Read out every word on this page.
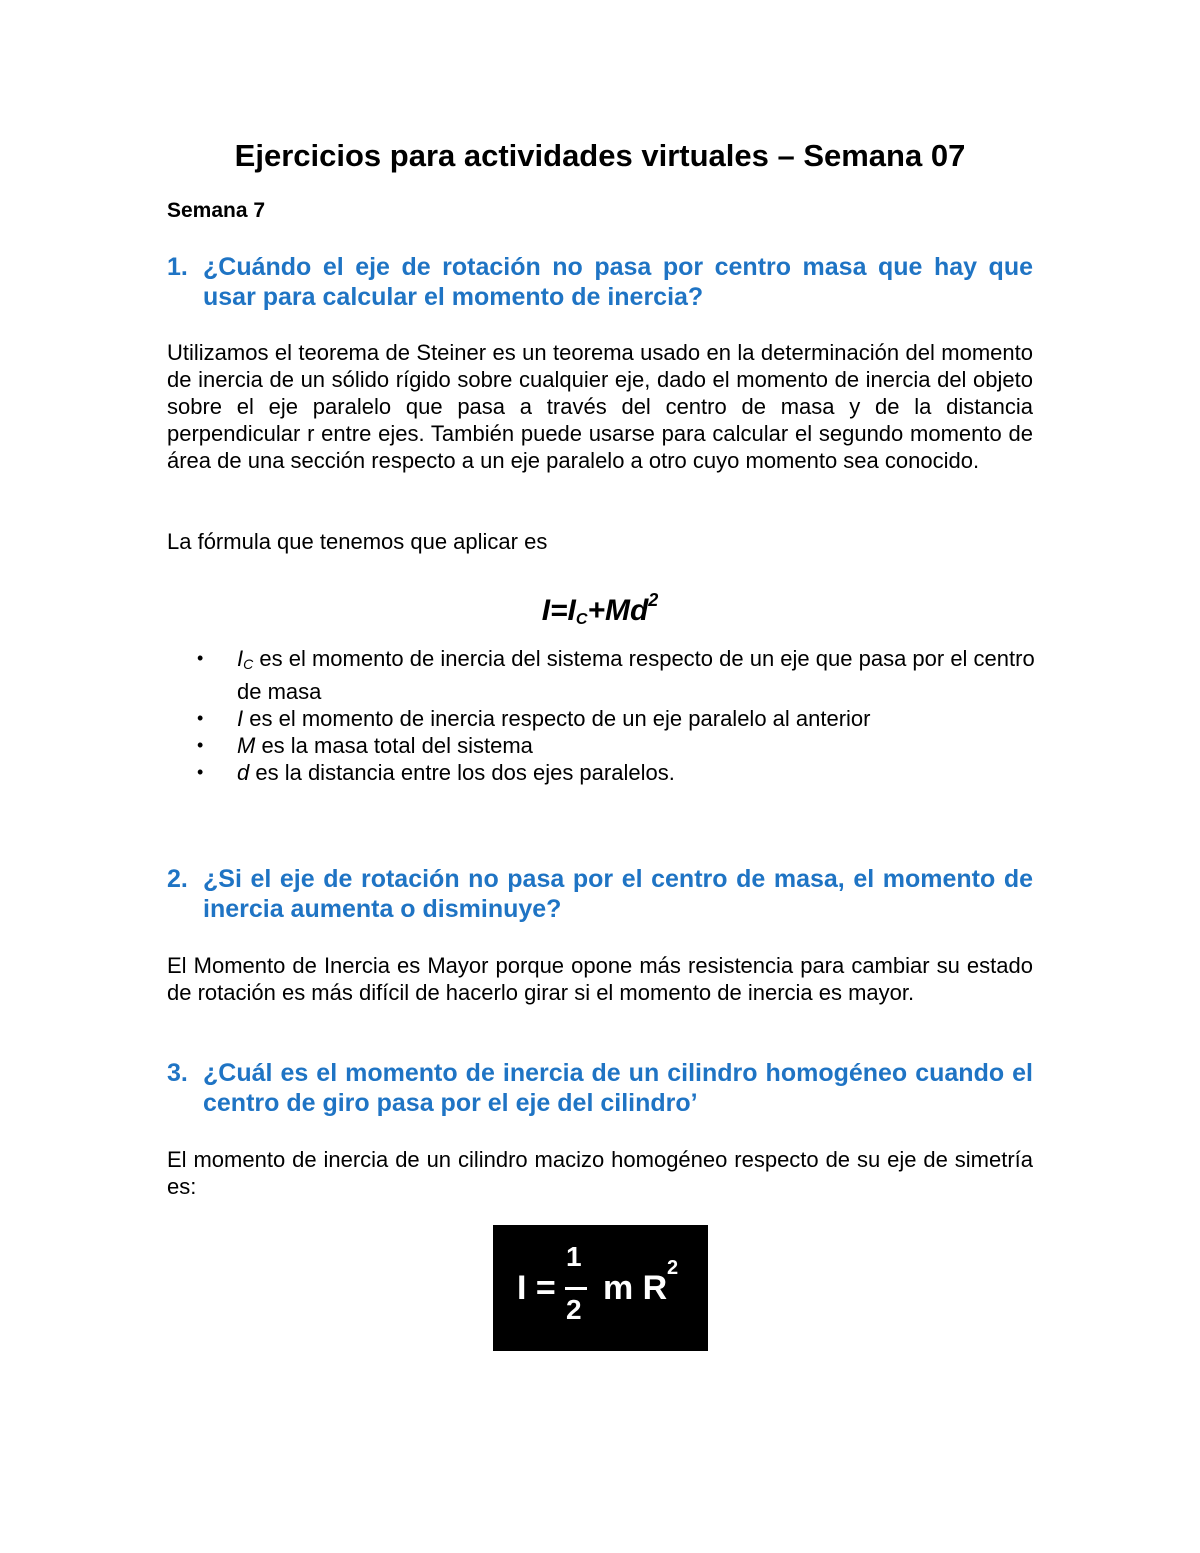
Ejercicios para actividades virtuales – Semana 07
Semana 7
1. ¿Cuándo el eje de rotación no pasa por centro masa que hay que usar para calcular el momento de inercia?
Utilizamos el teorema de Steiner es un teorema usado en la determinación del momento de inercia de un sólido rígido sobre cualquier eje, dado el momento de inercia del objeto sobre el eje paralelo que pasa a través del centro de masa y de la distancia perpendicular r entre ejes. También puede usarse para calcular el segundo momento de área de una sección respecto a un eje paralelo a otro cuyo momento sea conocido.
La fórmula que tenemos que aplicar es
$I=I_C+Md^2$
• $I_C$ es el momento de inercia del sistema respecto de un eje que pasa por el centro de masa
• I es el momento de inercia respecto de un eje paralelo al anterior
• M es la masa total del sistema
• d es la distancia entre los dos ejes paralelos.
2. ¿Si el eje de rotación no pasa por el centro de masa, el momento de inercia aumenta o disminuye?
El Momento de Inercia es Mayor porque opone más resistencia para cambiar su estado de rotación es más difícil de hacerlo girar si el momento de inercia es mayor.
3. ¿Cuál es el momento de inercia de un cilindro homogéneo cuando el centro de giro pasa por el eje del cilindro’
El momento de inercia de un cilindro macizo homogéneo respecto de su eje de simetría es:
I =
1
2
m R
2
